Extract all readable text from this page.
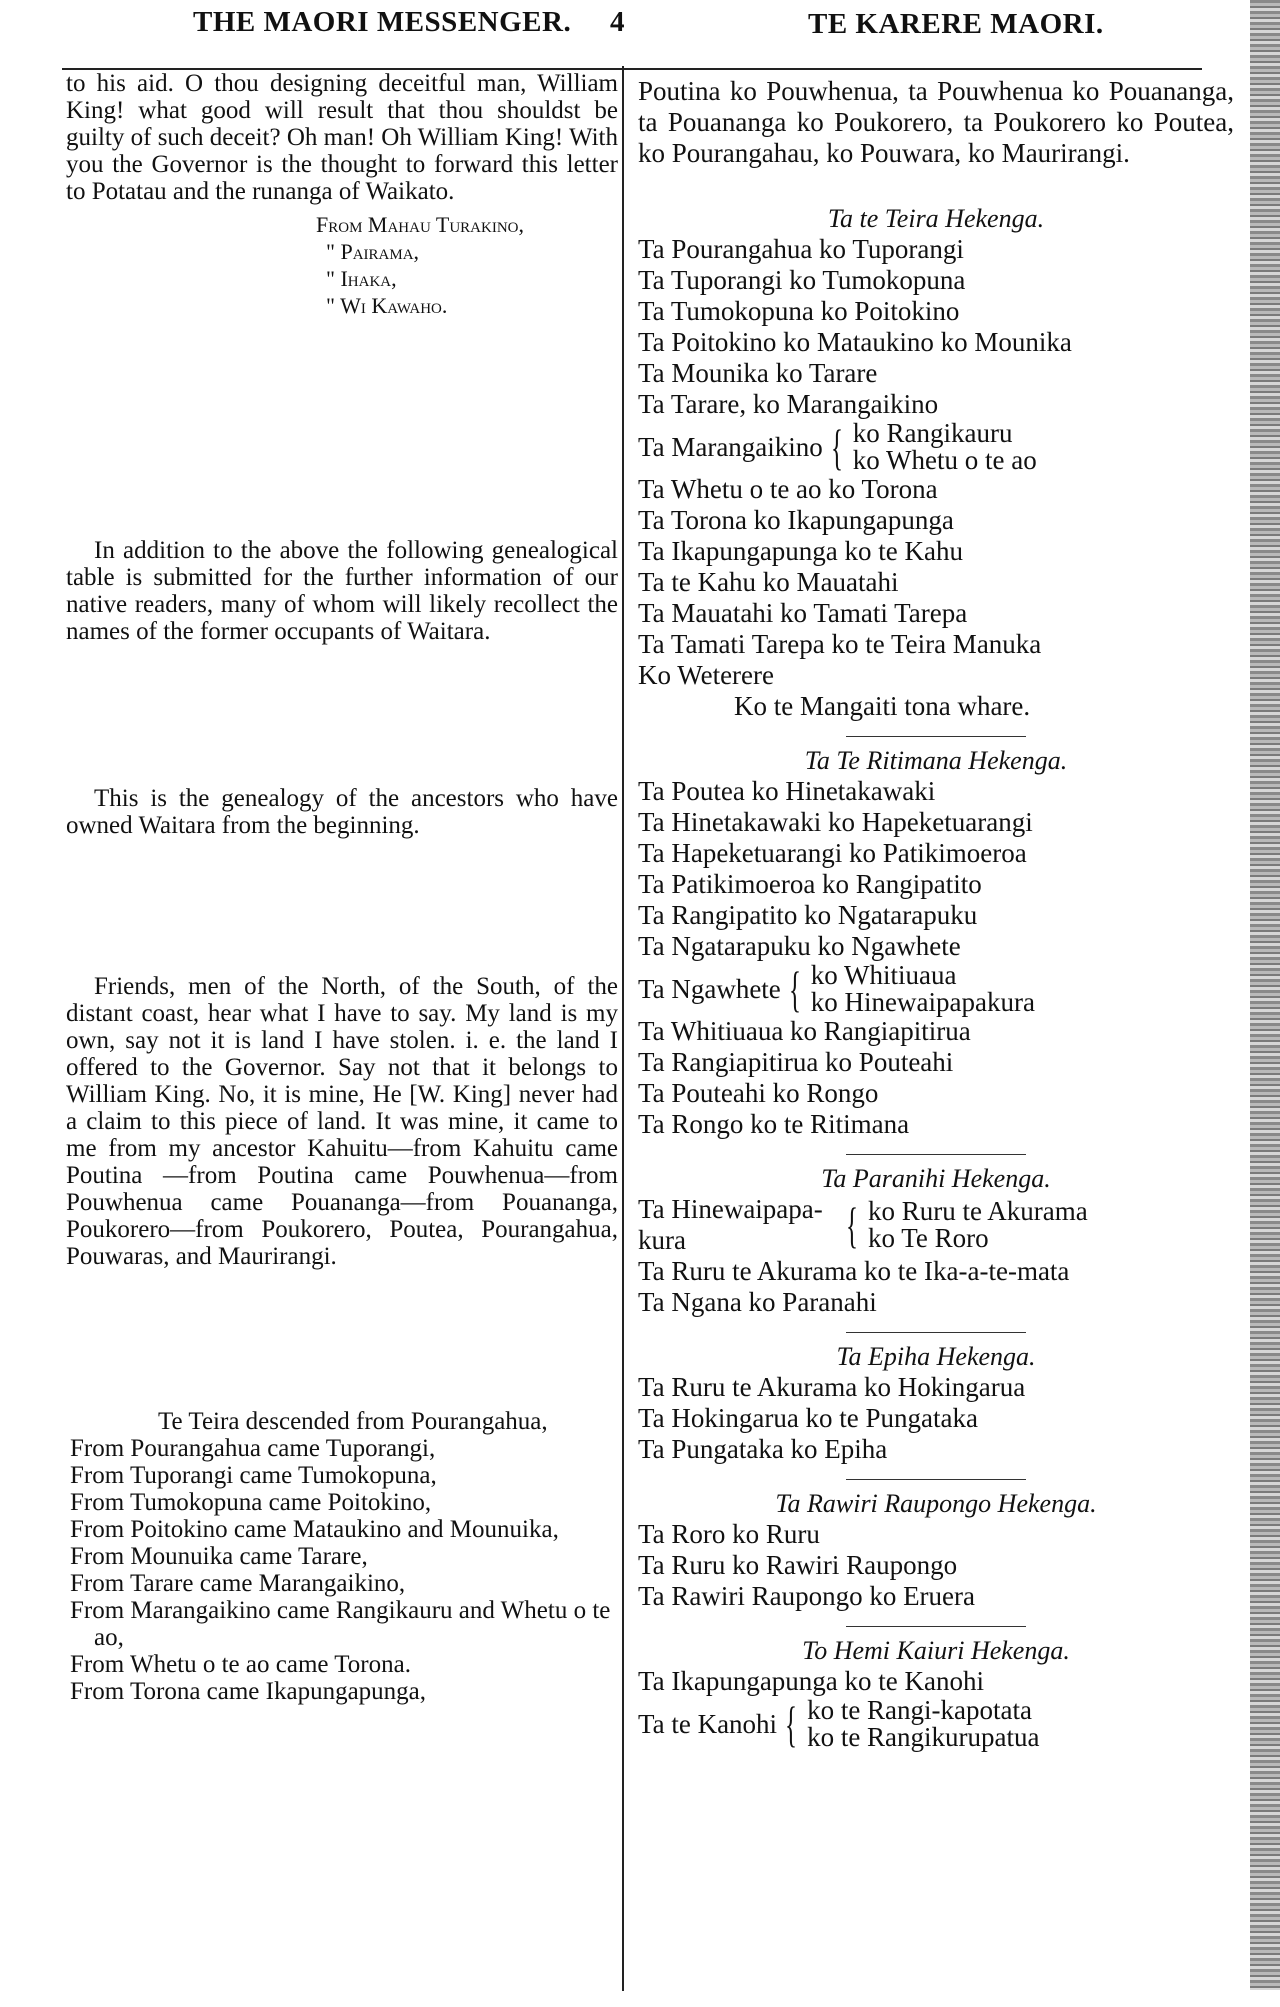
THE MAORI MESSENGER. 4	TE KARERE MAORI.

to his aid. O thou designing deceitful man, William King! what good will result that thou shouldst be guilty of such deceit? Oh man! Oh William King! With you the Governor is the thought to forward this letter to Potatau and the runanga of Waikato.

From Mahau Turakino,
" Pairama,
" Ihaka,
" Wi Kawaho.

In addition to the above the following genealogical table is submitted for the further information of our native readers, many of whom will likely recollect the names of the former occupants of Waitara.

This is the genealogy of the ancestors who have owned Waitara from the beginning.

Friends, men of the North, of the South, of the distant coast, hear what I have to say. My land is my own, say not it is land I have stolen. i. e. the land I offered to the Governor. Say not that it belongs to William King. No, it is mine, He [W. King] never had a claim to this piece of land. It was mine, it came to me from my ancestor Kahuitu—from Kahuitu came Poutina —from Poutina came Pouwhenua—from Pouwhenua came Pouananga—from Pouananga, Poukorero—from Poukorero, Poutea, Pourangahua, Pouwaras, and Maurirangi.

Te Teira descended from Pourangahua,

From Pourangahua came Tuporangi,

From Tuporangi came Tumokopuna,

From Tumokopuna came Poitokino,

From Poitokino came Mataukino and Mounuika,

From Mounuika came Tarare,

From Tarare came Marangaikino,

From Marangaikino came Rangikauru and Whetu o te ao,

From Whetu o te ao came Torona.

From Torona came Ikapungapunga,

Poutina ko Pouwhenua, ta Pouwhenua ko Pouananga, ta Pouananga ko Poukorero, ta Poukorero ko Poutea, ko Pourangahau, ko Pouwara, ko Maurirangi.

Ta te Teira Hekenga.

Ta Pourangahua ko Tuporangi

Ta Tuporangi ko Tumokopuna

Ta Tumokopuna ko Poitokino

Ta Poitokino ko Mataukino ko Mounika

Ta Mounika ko Tarare

Ta Tarare, ko Marangaikino

Ta Marangaikino { ko Rangikauru
ko Whetu o te ao

Ta Whetu o te ao ko Torona

Ta Torona ko Ikapungapunga

Ta Ikapungapunga ko te Kahu

Ta te Kahu ko Mauatahi

Ta Mauatahi ko Tamati Tarepa

Ta Tamati Tarepa ko te Teira Manuka

Ko Weterere

Ko te Mangaiti tona whare.

Ta Te Ritimana Hekenga.

Ta Poutea ko Hinetakawaki

Ta Hinetakawaki ko Hapeketuarangi

Ta Hapeketuarangi ko Patikimoeroa

Ta Patikimoeroa ko Rangipatito

Ta Rangipatito ko Ngatarapuku

Ta Ngatarapuku ko Ngawhete

Ta Ngawhete { ko Whitiuaua
ko Hinewaipapakura

Ta Whitiuaua ko Rangiapitirua

Ta Rangiapitirua ko Pouteahi

Ta Pouteahi ko Rongo

Ta Rongo ko te Ritimana

Ta Paranihi Hekenga.

Ta Hinewaipapa-kura	{ ko Ruru te Akurama
ko Te Roro

Ta Ruru te Akurama ko te Ika-a-te-mata

Ta Ngana ko Paranahi

Ta Epiha Hekenga.

Ta Ruru te Akurama ko Hokingarua

Ta Hokingarua ko te Pungataka

Ta Pungataka ko Epiha

Ta Rawiri Raupongo Hekenga.

Ta Roro ko Ruru

Ta Ruru ko Rawiri Raupongo

Ta Rawiri Raupongo ko Eruera

To Hemi Kaiuri Hekenga.

Ta Ikapungapunga ko te Kanohi

Ta te Kanohi { ko te Rangi-kapotata
ko te Rangikurupatua
